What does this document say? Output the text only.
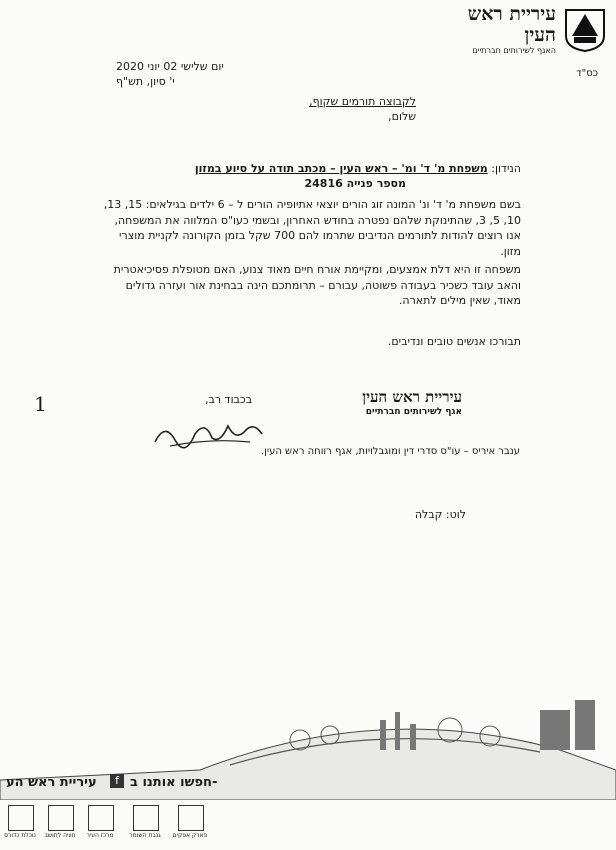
עיריית ראש העין
האגף לשירותים חברתיים
כס"ד
יום שלישי 02 יוני 2020
י' סיון, תש"ף
לקבוצה תורמים שקוף,
שלום,
הנידון: משפחת מ' ד' ומ' – ראש העין – מכתב תודה על סיוע במזון
מספר פנייה 24816
בשם משפחת מ' ד' ונ' המונה זוג הורים יוצאי אתיופיה הורים ל – 6 ילדים בגילאים: 15, 13, 10, 5, 3, שהתינוקת שלהם נפטרה בחודש האחרון, ובשמי כעו"ס המלווה את המשפחה, אנו רוצים להודות לתורמים הנדיבים שתרמו להם 700 שקל בזמן הקורונה לקניית מוצרי מזון.
משפחה זו היא דלת אמצעים, ומקיימת אורח חיים מאוד צנוע, האם מטופלת פסיכיאטרית והאב עובד כשכיר בעבודה פשוטה, עבורם – תרומתכם הינה בבחינת אור ועזרה גדולים מאוד, שאין מילים לתארה.
תבורכו אנשים טובים ונדיבים.
עיריית ראש העין
אגף לשירותים חברתיים
בכבוד רב,
1
ענבר איריס – עו"ס סדרי דין ומוגבלויות, אגף רווחה ראש העין.
לוט: קבלה
עיריית ראש הע	f חפשו אותנו ב-
נוכלת כדורס	חוויה לתושב	מרכז העיר	גנבת השומר	פארק אפקים
